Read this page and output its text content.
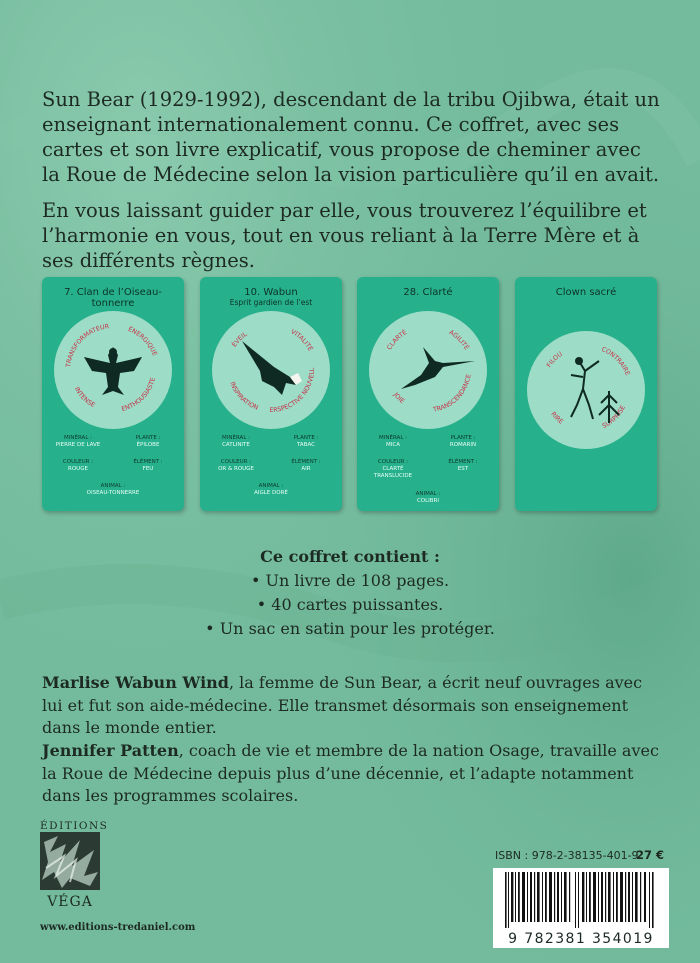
Sun Bear (1929-1992), descendant de la tribu Ojibwa, était un enseignant internationalement connu. Ce coffret, avec ses cartes et son livre explicatif, vous propose de cheminer avec la Roue de Médecine selon la vision particulière qu’il en avait.

En vous laissant guider par elle, vous trouverez l’équilibre et l’harmonie en vous, tout en vous reliant à la Terre Mère et à ses différents règnes.

7. Clan de l’Oiseau-tonnerre
TRANSFORMATEUR	ÉNERGIQUE
INTENSE	ENTHOUSIASTE
MINÉRAL :
PIERRE DE LAVE
PLANTE :
ÉPILOBE
COULEUR :
ROUGE
ÉLÉMENT :
FEU
ANIMAL :
OISEAU-TONNERRE
10. Wabun
Esprit gardien de l’est
ÉVEIL	VITALITÉ
INSPIRATION	ERSPECTIVE NOUVELL
MINÉRAL :
CATLINITE
PLANTE :
TABAC
COULEUR :
OR & ROUGE
ÉLÉMENT :
AIR
ANIMAL :
AIGLE DORÉ
28. Clarté
CLARTÉ	AGILITÉ
JOIE
TRANSCENDANCE
MINÉRAL :
MICA
PLANTE :
ROMARIN
COULEUR :
CLARTÉ TRANSLUCIDE
ÉLÉMENT :
EST
ANIMAL :
COLIBRI
Clown sacré
FILOU
CONTRAIRE
RIRE
SURPRISE
Ce coffret contient :
• Un livre de 108 pages.
• 40 cartes puissantes.
• Un sac en satin pour les protéger.

Marlise Wabun Wind, la femme de Sun Bear, a écrit neuf ouvrages avec lui et fut son aide-médecine. Elle transmet désormais son enseignement dans le monde entier.

Jennifer Patten, coach de vie et membre de la nation Osage, travaille avec la Roue de Médecine depuis plus d’une décennie, et l’adapte notamment dans les programmes scolaires.

ÉDITIONS
VÉGA
www.editions-tredaniel.com
ISBN : 978-2-38135-401-9
27 €
9 782381 354019
